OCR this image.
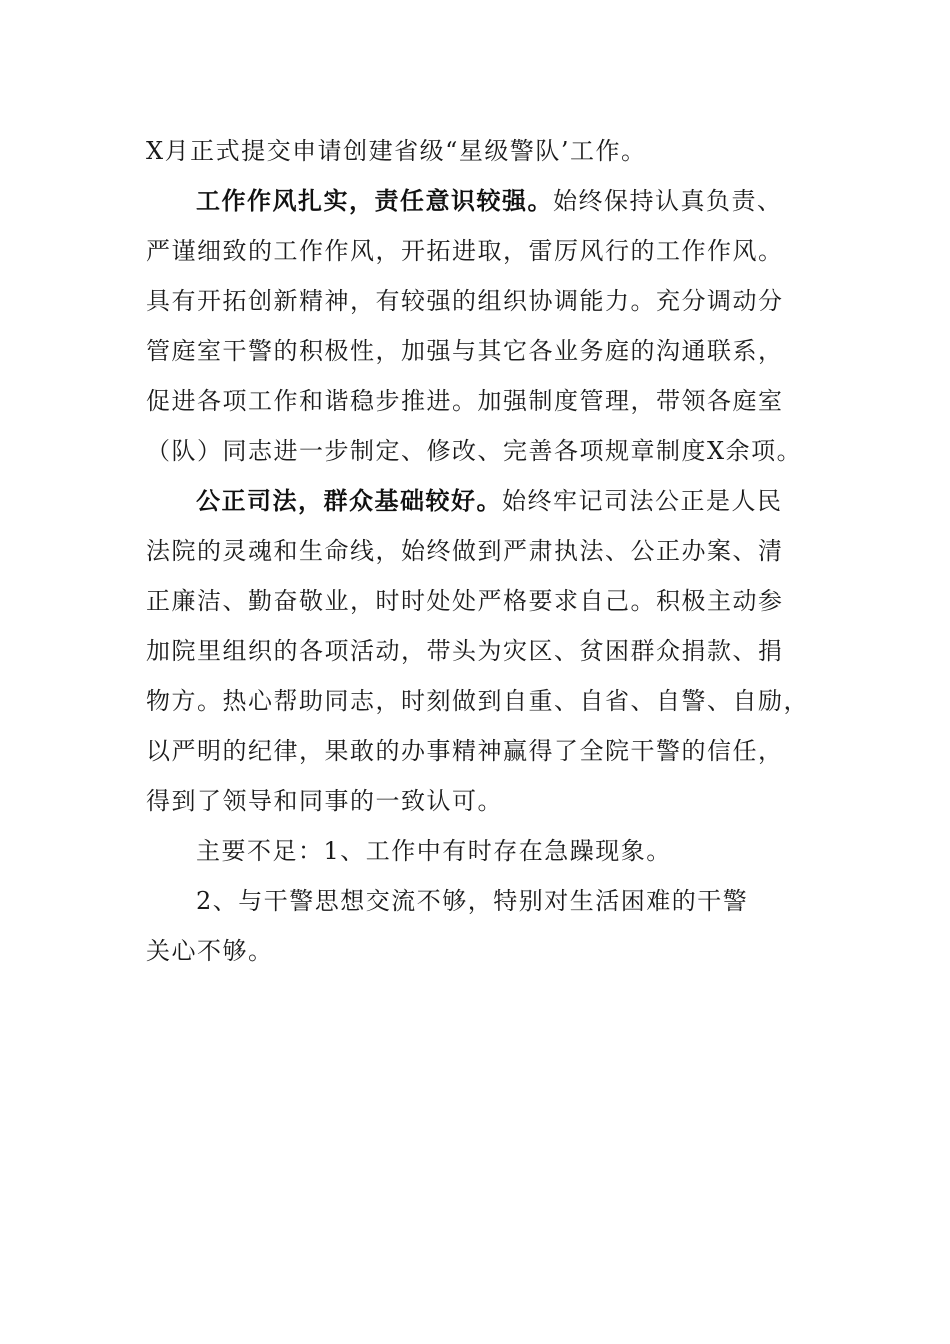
X月正式提交申请创建省级“星级警队’工作。
工作作风扎实，责任意识较强。始终保持认真负责、
严谨细致的工作作风，开拓进取，雷厉风行的工作作风。
具有开拓创新精神，有较强的组织协调能力。充分调动分
管庭室干警的积极性，加强与其它各业务庭的沟通联系，
促进各项工作和谐稳步推进。加强制度管理，带领各庭室
（队）同志进一步制定、修改、完善各项规章制度X余项。
公正司法，群众基础较好。始终牢记司法公正是人民
法院的灵魂和生命线，始终做到严肃执法、公正办案、清
正廉洁、勤奋敬业，时时处处严格要求自己。积极主动参
加院里组织的各项活动，带头为灾区、贫困群众捐款、捐
物方。热心帮助同志，时刻做到自重、自省、自警、自励，
以严明的纪律，果敢的办事精神赢得了全院干警的信任，
得到了领导和同事的一致认可。
主要不足：1、工作中有时存在急躁现象。
2、与干警思想交流不够，特别对生活困难的干警
关心不够。
